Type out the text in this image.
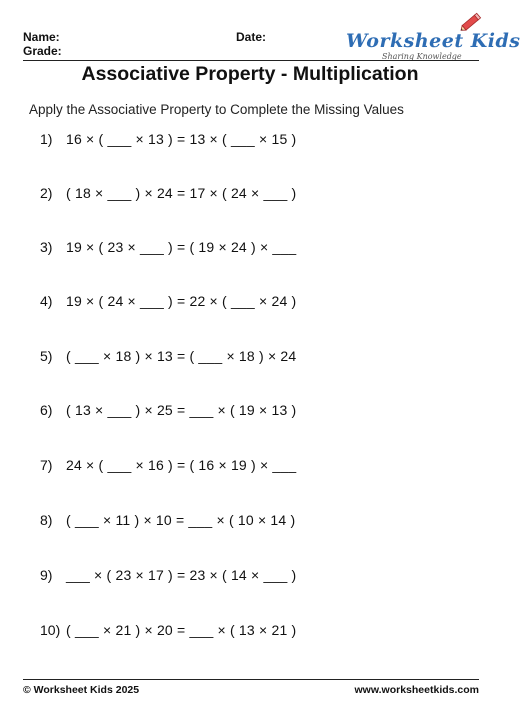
Name:
Grade:
Date:	Worksheet Kids
Sharing Knowledge
Associative Property - Multiplication
Apply the Associative Property to Complete the Missing Values
1) 16 × ( ___ × 13 ) = 13 × ( ___ × 15 )
2) ( 18 × ___ ) × 24 = 17 × ( 24 × ___ )
3) 19 × ( 23 × ___ ) = ( 19 × 24 ) × ___
4) 19 × ( 24 × ___ ) = 22 × ( ___ × 24 )
5) ( ___ × 18 ) × 13 = ( ___ × 18 ) × 24
6) ( 13 × ___ ) × 25 = ___ × ( 19 × 13 )
7) 24 × ( ___ × 16 ) = ( 16 × 19 ) × ___
8) ( ___ × 11 ) × 10 = ___ × ( 10 × 14 )
9) ___ × ( 23 × 17 ) = 23 × ( 14 × ___ )
10) ( ___ × 21 ) × 20 = ___ × ( 13 × 21 )
© Worksheet Kids 2025	www.worksheetkids.com
